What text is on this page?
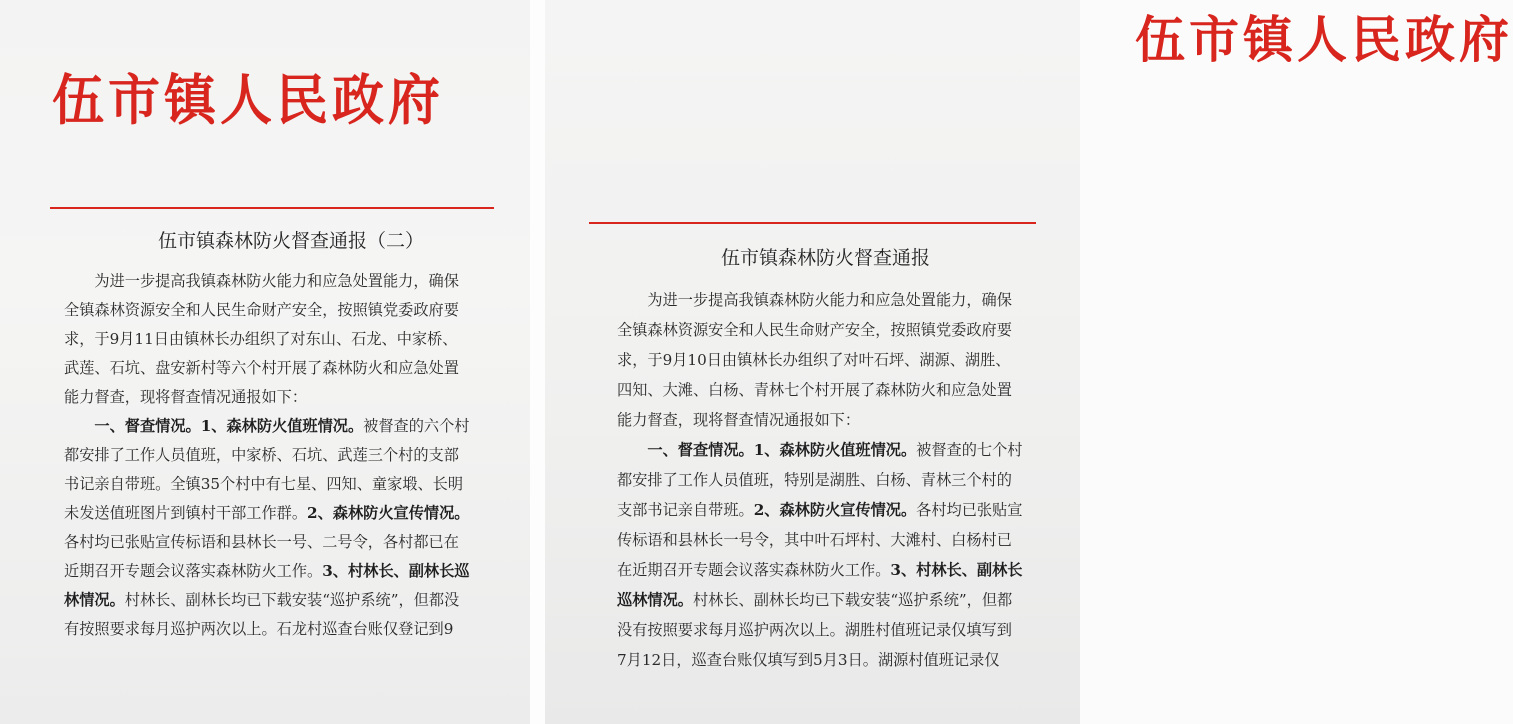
伍市镇人民政府
伍市镇森林防火督查通报（二）

　　为进一步提高我镇森林防火能力和应急处置能力，确保

全镇森林资源安全和人民生命财产安全，按照镇党委政府要

求，于9月11日由镇林长办组织了对东山、石龙、中家桥、

武莲、石坑、盘安新村等六个村开展了森林防火和应急处置

能力督查，现将督查情况通报如下：

　　一、督查情况。1、森林防火值班情况。被督查的六个村

都安排了工作人员值班，中家桥、石坑、武莲三个村的支部

书记亲自带班。全镇35个村中有七星、四知、童家塅、长明

未发送值班图片到镇村干部工作群。2、森林防火宣传情况。

各村均已张贴宣传标语和县林长一号、二号令，各村都已在

近期召开专题会议落实森林防火工作。3、村林长、副林长巡

林情况。村林长、副林长均已下载安装“巡护系统”，但都没

有按照要求每月巡护两次以上。石龙村巡查台账仅登记到9

伍市镇人民政府
伍市镇森林防火督查通报

　　为进一步提高我镇森林防火能力和应急处置能力，确保

全镇森林资源安全和人民生命财产安全，按照镇党委政府要

求，于9月10日由镇林长办组织了对叶石坪、湖源、湖胜、

四知、大滩、白杨、青林七个村开展了森林防火和应急处置

能力督查，现将督查情况通报如下：

　　一、督查情况。1、森林防火值班情况。被督查的七个村

都安排了工作人员值班，特别是湖胜、白杨、青林三个村的

支部书记亲自带班。2、森林防火宣传情况。各村均已张贴宣

传标语和县林长一号令，其中叶石坪村、大滩村、白杨村已

在近期召开专题会议落实森林防火工作。3、村林长、副林长

巡林情况。村林长、副林长均已下载安装“巡护系统”，但都

没有按照要求每月巡护两次以上。湖胜村值班记录仅填写到

7月12日，巡查台账仅填写到5月3日。湖源村值班记录仅
